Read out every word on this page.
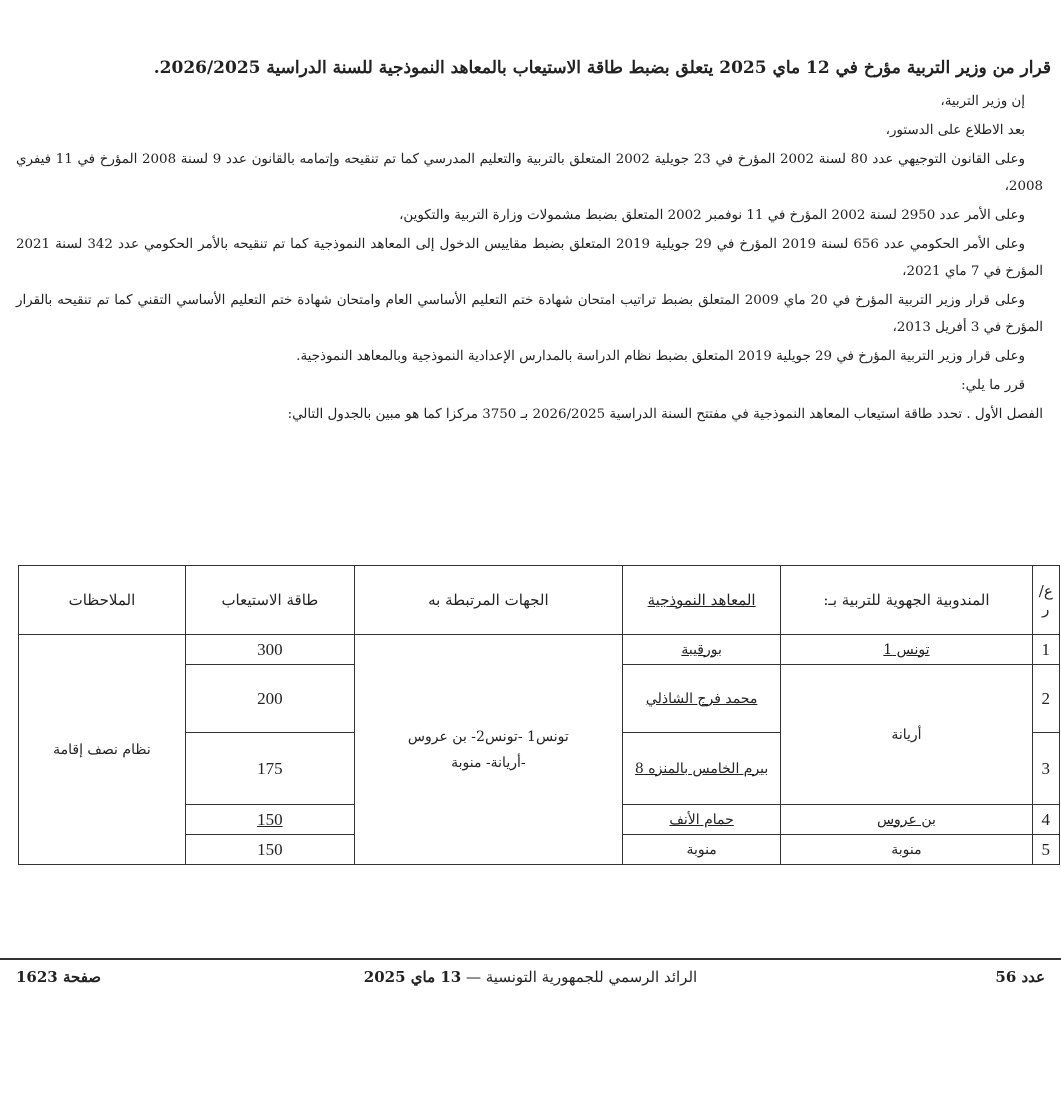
قرار من وزير التربية مؤرخ في 12 ماي 2025 يتعلق بضبط طاقة الاستيعاب بالمعاهد النموذجية للسنة الدراسية 2026/2025.

إن وزير التربية،

بعد الاطلاع على الدستور،

وعلى القانون التوجيهي عدد 80 لسنة 2002 المؤرخ في 23 جويلية 2002 المتعلق بالتربية والتعليم المدرسي كما تم تنقيحه وإتمامه بالقانون عدد 9 لسنة 2008 المؤرخ في 11 فيفري 2008،

وعلى الأمر عدد 2950 لسنة 2002 المؤرخ في 11 نوفمبر 2002 المتعلق بضبط مشمولات وزارة التربية والتكوين،

وعلى الأمر الحكومي عدد 656 لسنة 2019 المؤرخ في 29 جويلية 2019 المتعلق بضبط مقاييس الدخول إلى المعاهد النموذجية كما تم تنقيحه بالأمر الحكومي عدد 342 لسنة 2021 المؤرخ في 7 ماي 2021،

وعلى قرار وزير التربية المؤرخ في 20 ماي 2009 المتعلق بضبط تراتيب امتحان شهادة ختم التعليم الأساسي العام وامتحان شهادة ختم التعليم الأساسي التقني كما تم تنقيحه بالقرار المؤرخ في 3 أفريل 2013،

وعلى قرار وزير التربية المؤرخ في 29 جويلية 2019 المتعلق بضبط نظام الدراسة بالمدارس الإعدادية النموذجية وبالمعاهد النموذجية.

قرر ما يلي:

الفصل الأول . تحدد طاقة استيعاب المعاهد النموذجية في مفتتح السنة الدراسية 2026/2025 بـ 3750 مركزا كما هو مبين بالجدول التالي:

ع/ر	المندوبية الجهوية للتربية بـ:	المعاهد النموذجية	الجهات المرتبطة به	طاقة الاستيعاب	الملاحظات
1	تونس 1	بورقيبة	تونس1 -تونس2- بن عروس -أريانة- منوبة	300	نظام نصف إقامة
2	أريانة	محمد فرج الشاذلي		200	
3		بيرم الخامس بالمنزه 8		175	
4	بن عروس	حمام الأنف		150	
5	منوبة	منوبة		150	
عدد 56
الرائد الرسمي للجمهورية التونسية — 13 ماي 2025
صفحة 1623
